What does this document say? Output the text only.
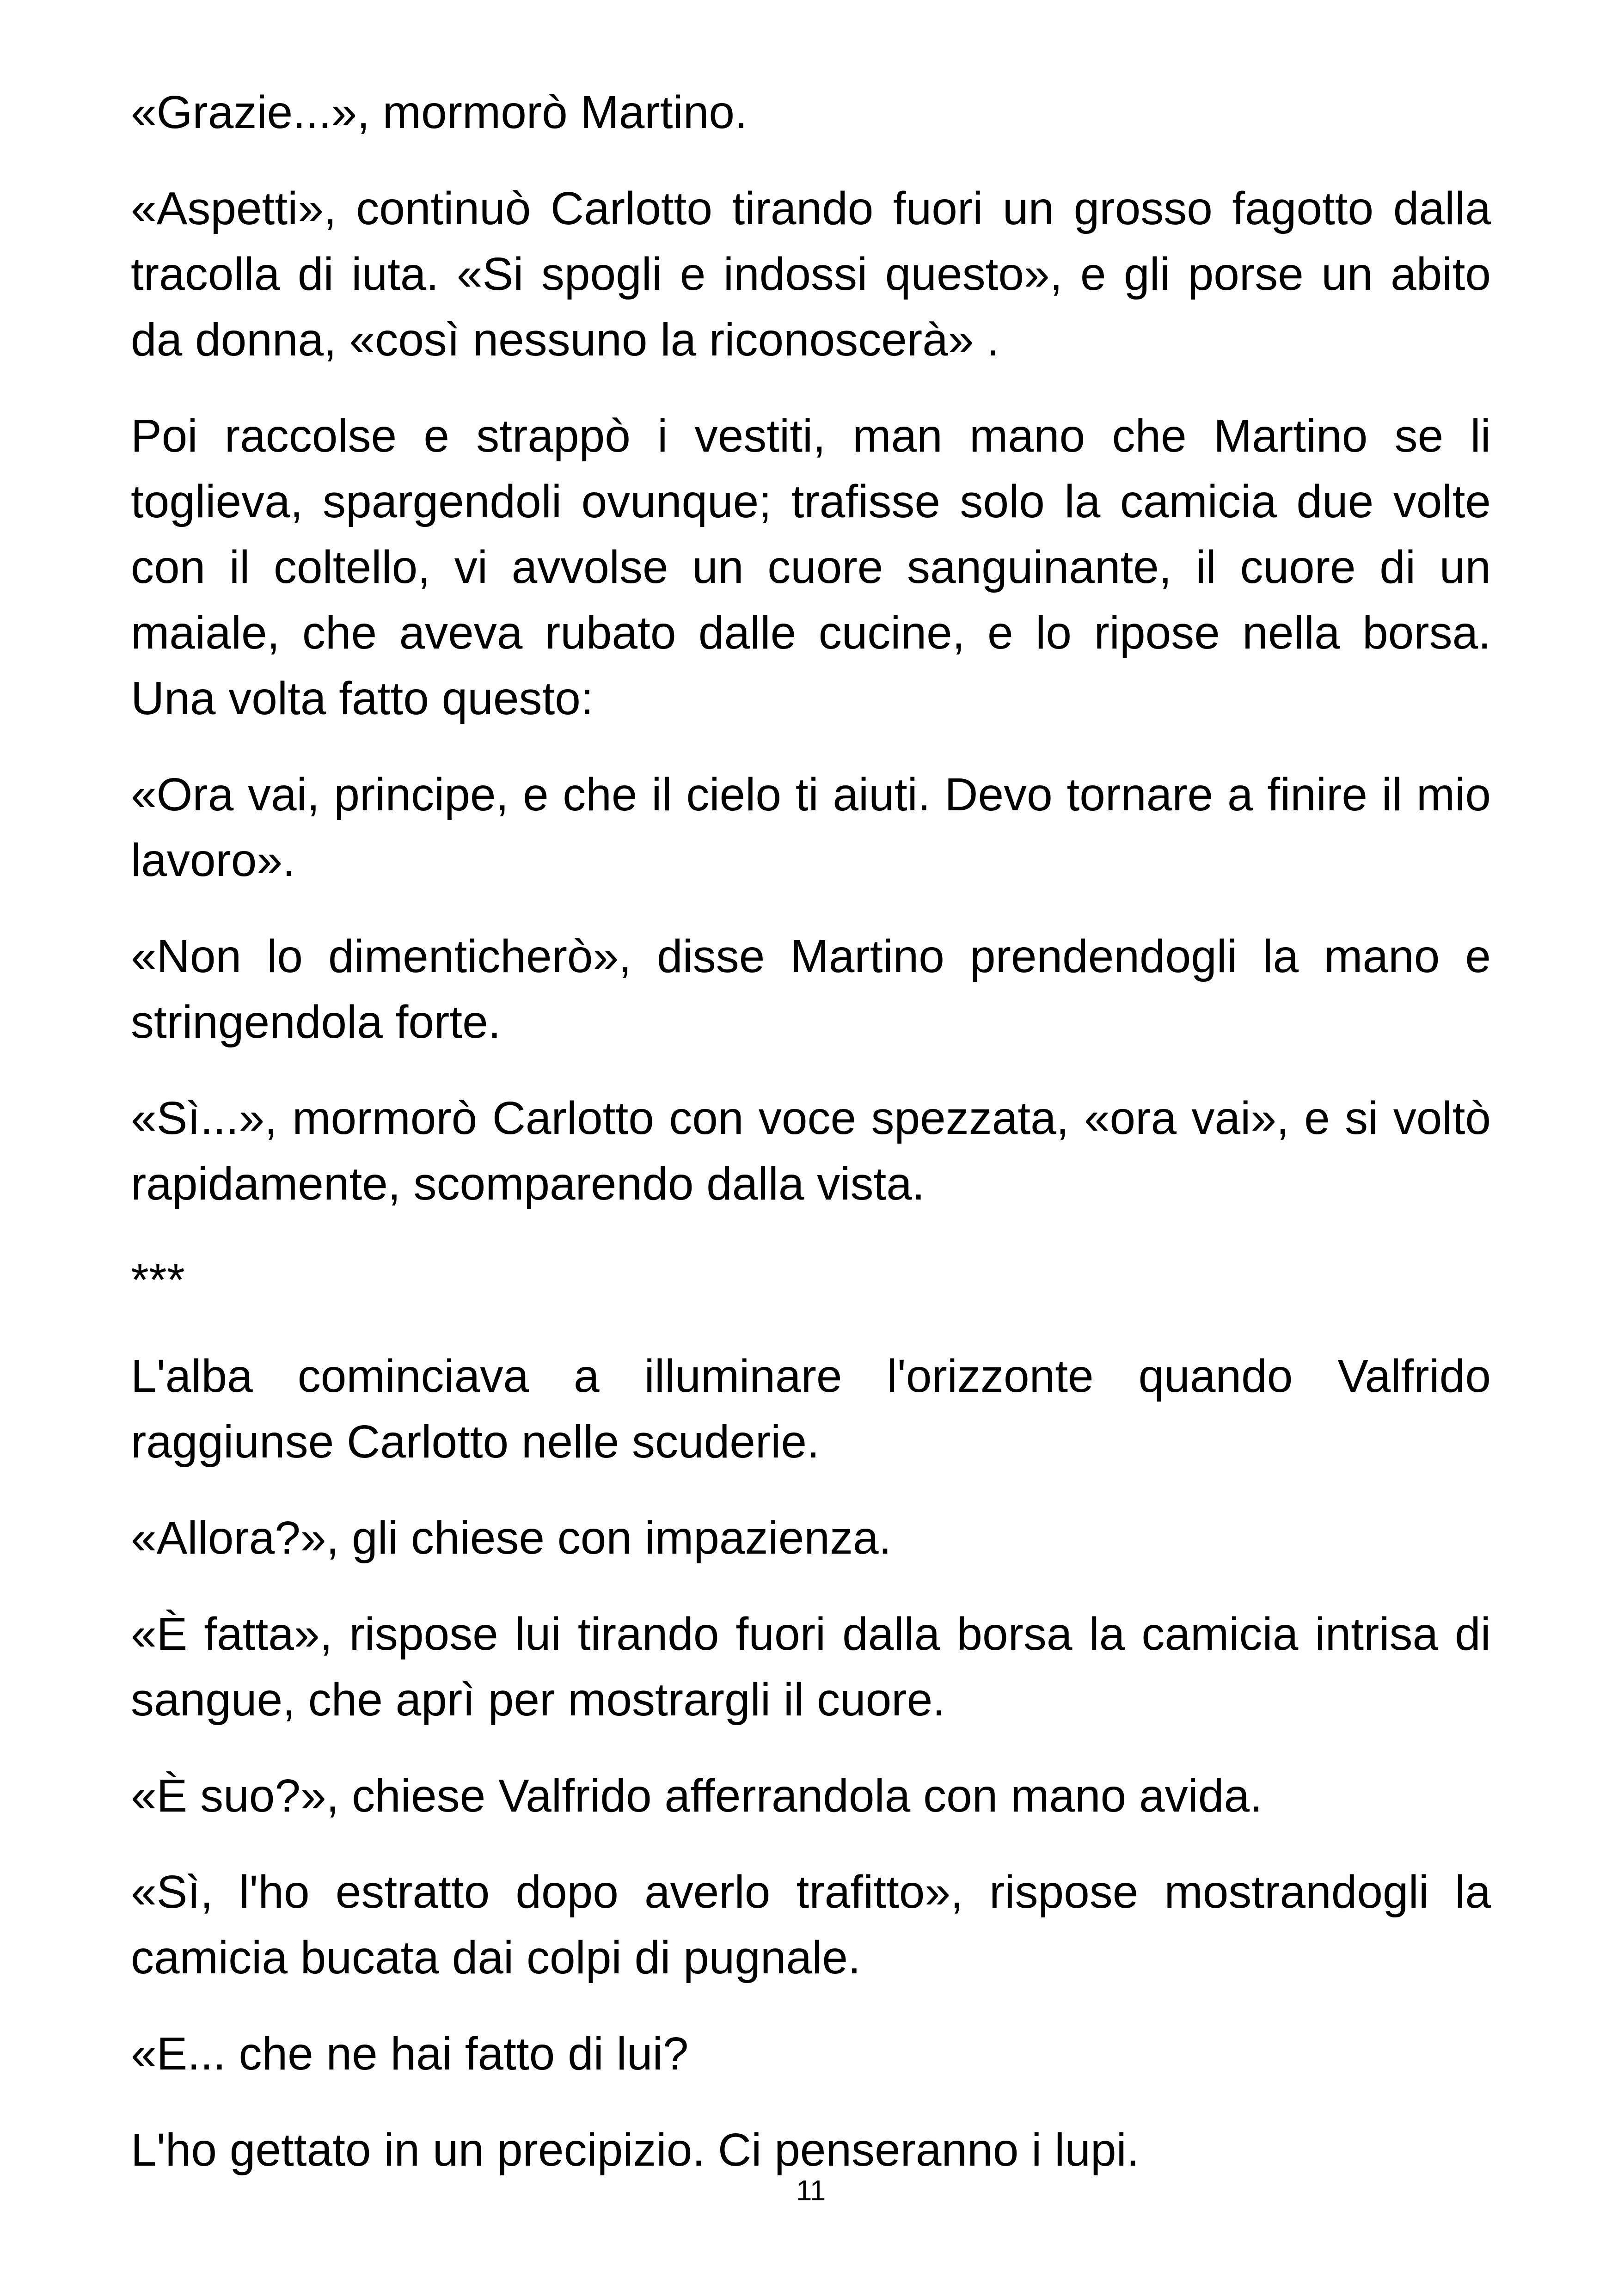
«Grazie...», mormorò Martino.

«Aspetti», continuò Carlotto tirando fuori un grosso fagotto dalla tracolla di iuta. «Si spogli e indossi questo», e gli porse un abito da donna, «così nessuno la riconoscerà» .

Poi raccolse e strappò i vestiti, man mano che Martino se li toglieva, spargendoli ovunque; trafisse solo la camicia due volte con il coltello, vi avvolse un cuore sanguinante, il cuore di un maiale, che aveva rubato dalle cucine, e lo ripose nella borsa. Una volta fatto questo:

«Ora vai, principe, e che il cielo ti aiuti. Devo tornare a finire il mio lavoro».

«Non lo dimenticherò», disse Martino prendendogli la mano e stringendola forte.

«Sì...», mormorò Carlotto con voce spezzata, «ora vai», e si voltò rapidamente, scomparendo dalla vista.

***

L'alba cominciava a illuminare l'orizzonte quando Valfrido raggiunse Carlotto nelle scuderie.

«Allora?», gli chiese con impazienza.

«È fatta», rispose lui tirando fuori dalla borsa la camicia intrisa di sangue, che aprì per mostrargli il cuore.

«È suo?», chiese Valfrido afferrandola con mano avida.

«Sì, l'ho estratto dopo averlo trafitto», rispose mostrandogli la camicia bucata dai colpi di pugnale.

«E... che ne hai fatto di lui?

L'ho gettato in un precipizio. Ci penseranno i lupi.

11
